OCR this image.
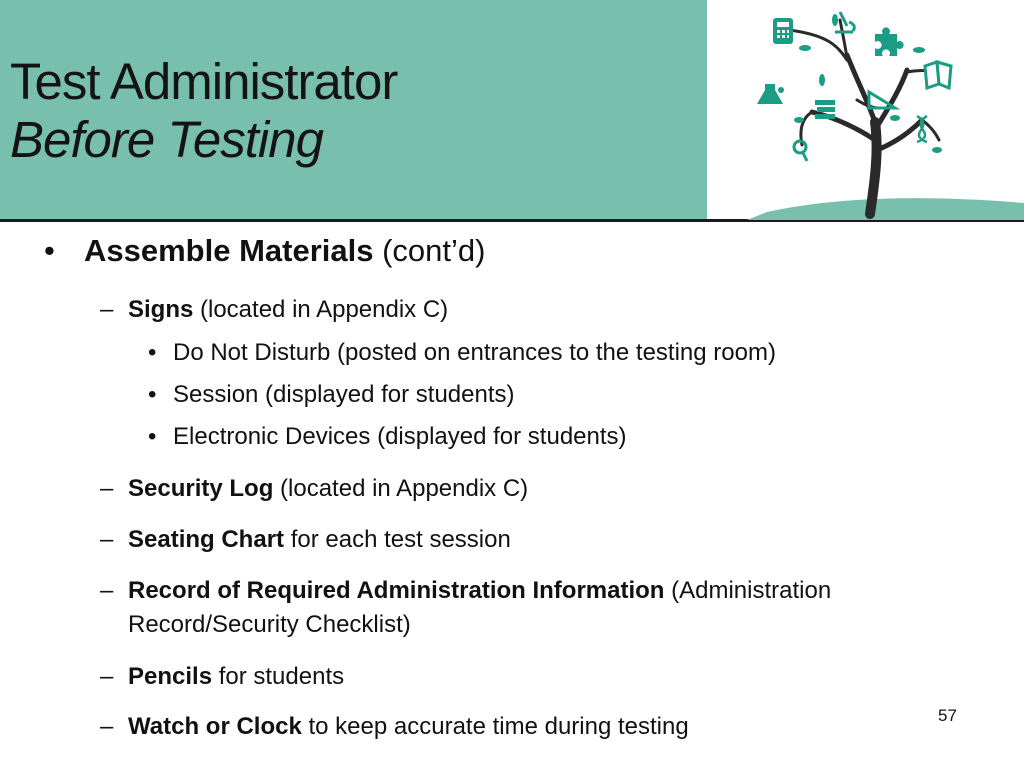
Test Administrator
Before Testing
• Assemble Materials (cont’d)
– Signs (located in Appendix C)
• Do Not Disturb (posted on entrances to the testing room)
• Session (displayed for students)
• Electronic Devices (displayed for students)
– Security Log (located in Appendix C)
– Seating Chart for each test session
– Record of Required Administration Information (Administration
Record/Security Checklist)
– Pencils for students
– Watch or Clock to keep accurate time during testing	57
